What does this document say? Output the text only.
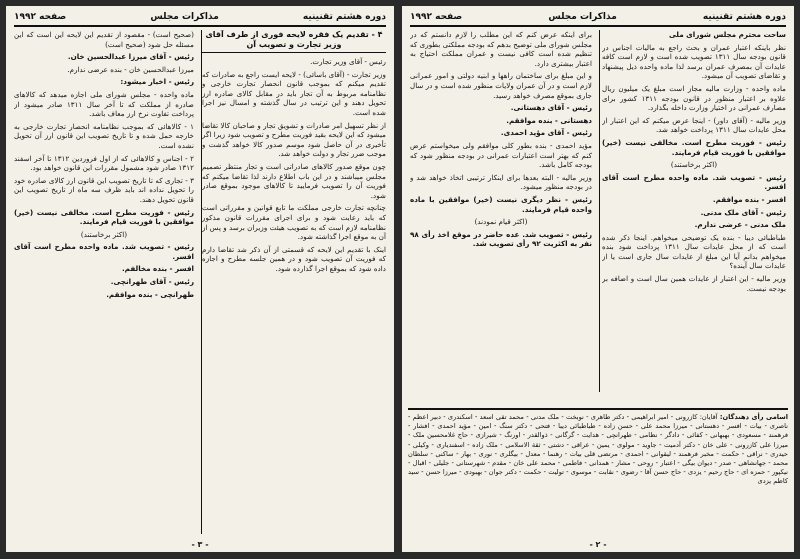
دوره هشتم تقنینیه
مذاکرات مجلس
صفحه ۱۹۹۲

۴ - تقدیم یک فقره لایحه فوری از طرف آقای وزیر تجارت و تصویب آن

رئیس - آقای وزیر تجارت.

وزیر تجارت - (آقای باسائی) - لایحه ایست راجع به صادرات که تقدیم میکنم که بموجب قانون انحصار تجارت خارجی و نظامنامه مربوط به آن تجار باید در مقابل کالای صادره ارز تحویل دهند و این ترتیب در سال گذشته و امسال نیز اجرا شده است.

از نظر تسهیل امر صادرات و تشویق تجار و صاحبان کالا تقاضا میشود که این لایحه بقید فوریت مطرح و تصویب شود زیرا اگر تأخیری در آن حاصل شود موسم صدور کالا خواهد گذشت و موجب ضرر تجار و دولت خواهد شد.

چون موقع صدور کالاهای صادراتی است و تجار منتظر تصمیم مجلس میباشند و در این باب اطلاع دارند لذا تقاضا میکنم که فوریت آن را تصویب فرمایید تا کالاهای موجود بموقع صادر شود.

چنانچه تجارت خارجی مملکت ما تابع قوانین و مقرراتی است که باید رعایت شود و برای اجرای مقررات قانون مذکور نظامنامه لازم است که به تصویب هیئت وزیران برسد و پس از آن به موقع اجرا گذاشته شود.

اینک با تقدیم این لایحه که قسمتی از آن ذکر شد تقاضا دارم که فوریت آن تصویب شود و در همین جلسه مطرح و اجازه داده شود که بموقع اجرا گذارده شود.

(صحیح است) - مقصود از تقدیم این لایحه این است که این مسئله حل شود (صحیح است)

رئیس - آقای میرزا عبدالحسین خان.

میرزا عبدالحسین خان - بنده عرضی ندارم.

رئیس - اخبار میشود:

ماده واحده - مجلس شورای ملی اجازه میدهد که کالاهای صادره از مملکت که تا آخر سال ۱۳۱۱ صادر میشود از پرداخت تفاوت نرخ ارز معاف باشد.

۱ - کالاهائی که بموجب نظامنامه انحصار تجارت خارجی به خارجه حمل شده و تا تاریخ تصویب این قانون ارز آن تحویل نشده است.

۲ - اجناس و کالاهائی که از اول فروردین ۱۳۱۲ تا آخر اسفند ۱۳۱۲ صادر شود مشمول مقررات این قانون خواهد بود.

۳ - تجاری که تا تاریخ تصویب این قانون ارز کالای صادره خود را تحویل نداده اند باید ظرف سه ماه از تاریخ تصویب این قانون تحویل دهند.

رئیس - فوریت مطرح است. مخالفی نیست (خیر) موافقین با فوریت قیام فرمایند.

(اکثر برخاستند)

رئیس - تصویب شد. ماده واحده مطرح است آقای افسر.

افسر - بنده مخالفم.

رئیس - آقای طهرانچی.

طهرانچی - بنده موافقم.

- ۳ -
دوره هشتم تقنینیه
مذاکرات مجلس
صفحه ۱۹۹۲

ساحت محترم مجلس شورای ملی

نظر باینکه اعتبار عمران و بحث راجع به مالیات اجناس در قانون بودجه سال ۱۳۱۱ تصویب شده است و لازم است کافه عایدات آن بمصرف عمران برسد لذا ماده واحده ذیل پیشنهاد و تقاضای تصویب آن میشود.

ماده واحده - وزارت مالیه مجاز است مبلغ یک میلیون ریال علاوه بر اعتبار منظور در قانون بودجه ۱۳۱۱ کشور برای مصارف عمرانی در اختیار وزارت داخله بگذارد.

وزیر مالیه - (آقای داور) - اینجا عرض میکنم که این اعتبار از محل عایدات سال ۱۳۱۱ پرداخت خواهد شد.

رئیس - فوریت مطرح است. مخالفی نیست (خیر) موافقین با فوریت قیام فرمایند.

(اکثر برخاستند)

رئیس - تصویب شد. ماده واحده مطرح است آقای افسر.

افسر - بنده موافقم.

رئیس - آقای ملک مدنی.

ملک مدنی - عرضی ندارم.

طباطبائی دیبا - بنده یک توضیحی میخواهم. اینجا ذکر شده است که از محل عایدات سال ۱۳۱۱ پرداخت شود بنده میخواهم بدانم آیا این مبلغ از عایدات سال جاری است یا از عایدات سال آینده؟

وزیر مالیه - این اعتبار از عایدات همین سال است و اضافه بر بودجه نیست.

برای اینکه عرض کنم که این مطلب را لازم دانستم که در مجلس شورای ملی توضیح بدهم که بودجه مملکتی بطوری که تنظیم شده است کافی نیست و عمران مملکت احتیاج به اعتبار بیشتری دارد.

و این مبلغ برای ساختمان راهها و ابنیه دولتی و امور عمرانی لازم است و در آن عمران ولایات منظور شده است و در سال جاری بموقع مصرف خواهد رسید.

رئیس - آقای دهستانی.

دهستانی - بنده موافقم.

رئیس - آقای مؤید احمدی.

مؤید احمدی - بنده بطور کلی موافقم ولی میخواستم عرض کنم که بهتر است اعتبارات عمرانی در بودجه منظور شود که بودجه کامل باشد.

وزیر مالیه - البته بعدها برای اینکار ترتیبی اتخاذ خواهد شد و در بودجه منظور میشود.

رئیس - نظر دیگری نیست (خیر) موافقین با ماده واحده قیام فرمایند.

(اکثر قیام نمودند)

رئیس - تصویب شد. عده حاضر در موقع اخذ رأی ۹۸ نفر به اکثریت ۹۲ رأی تصویب شد.

اسامی رأی دهندگان: آقایان: کازرونی - امیر ابراهیمی - دکتر طاهری - نوبخت - ملک مدنی - محمد تقی اسعد - اسکندری - دبیر اعظم - ناصری - بیات - افسر - دهستانی - میرزا محمد علی - حسن زاده - طباطبائی دیبا - فتحی - دکتر سنگ - امین - مؤید احمدی - افشار - فرهمند - مسعودی - بهبهانی - کفائی - دادگر - نظامی - طهرانچی - هدایت - گرگانی - ذوالقدر - اورنگ - شیرازی - حاج غلامحسین ملک - میرزا علی کازرونی - علی خان - دکتر آدمیت - جاوید - مولوی - یمین - عراقی - دشتی - ثقة الاسلامی - ملک زاده - اسفندیاری - وکیلی - حیدری - نراقی - حکمت - مخبر فرهمند - لیقوانی - احمدی - مرتضی قلی بیات - رهنما - معدل - بیگلری - نوری - بهار - ساکنی - سلطان محمد - جهانشاهی - صدر - دیوان بیگی - اعتبار - روحی - مشار - همدانی - فاطمی - محمد علی خان - مقدم - شهرستانی - جلیلی - اقبال - نیکپور - حمزه ای - حاج رحیم - یزدی - حاج حسن آقا - رضوی - نقابت - موسوی - تولیت - حکمت - دکتر جوان - بهبودی - میرزا حسن - سید کاظم یزدی
- ۲ -
